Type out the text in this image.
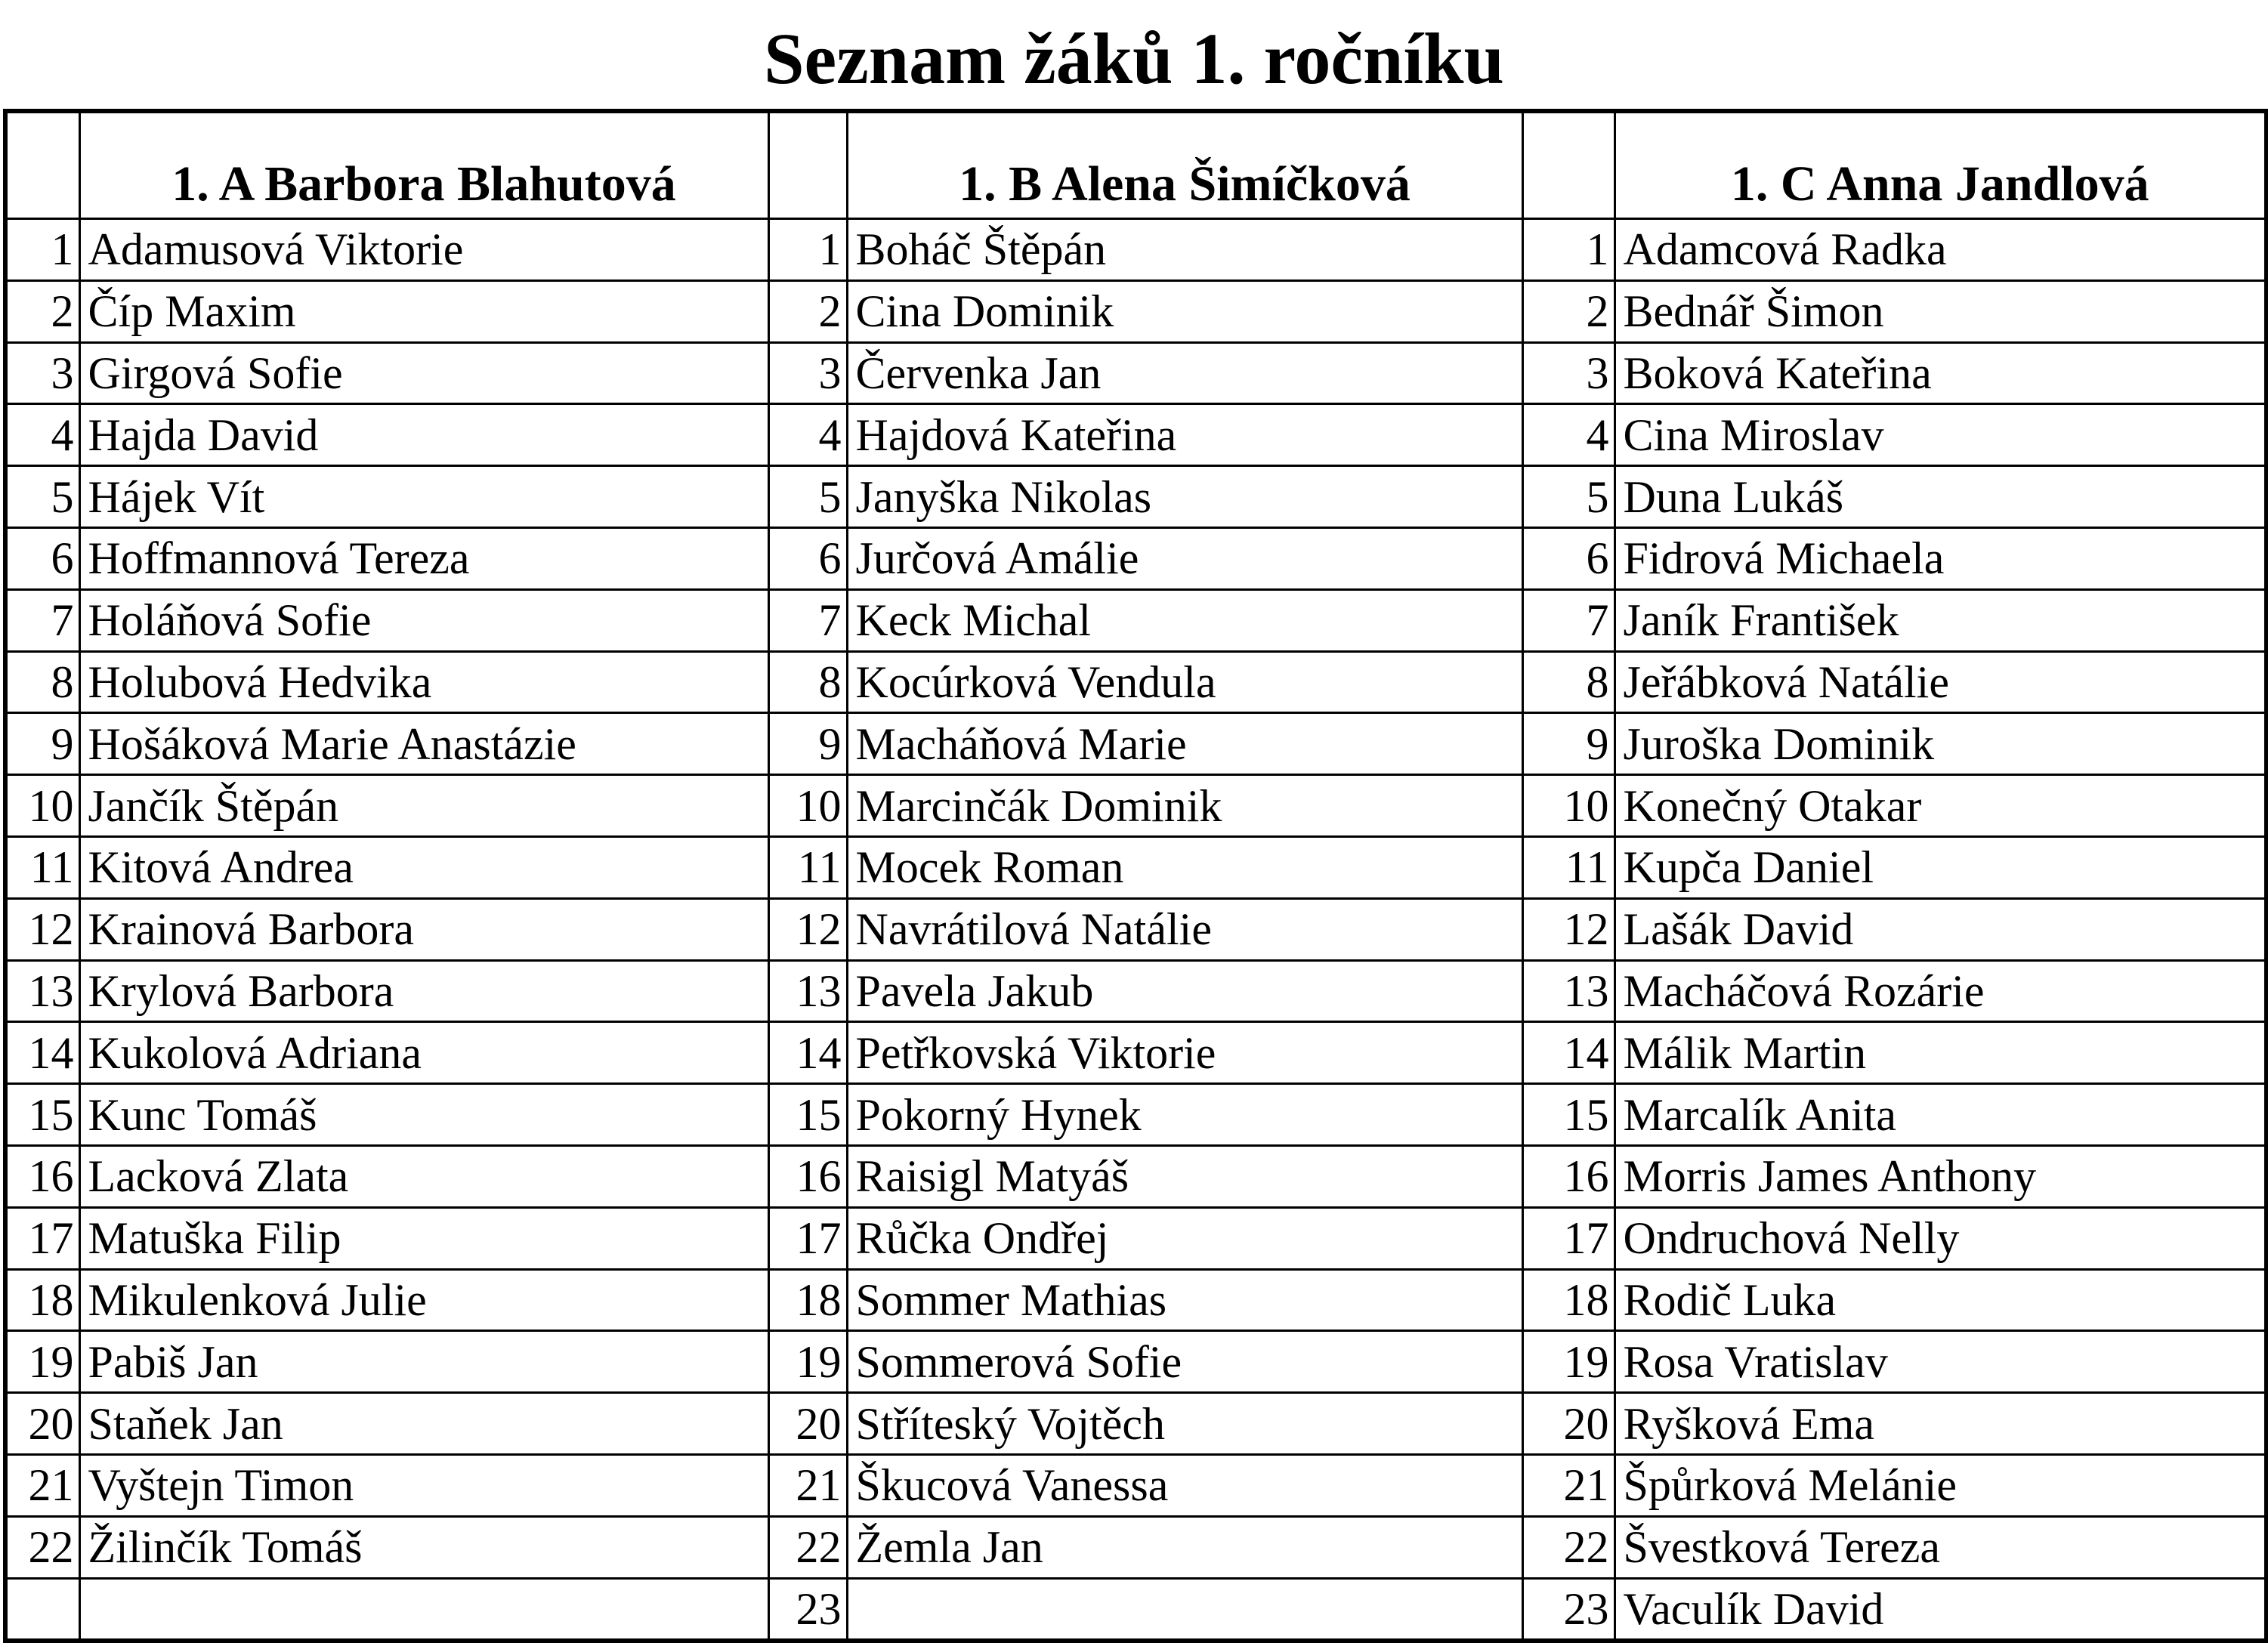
Seznam žáků 1. ročníku
	1. A Barbora Blahutová		1. B Alena Šimíčková		1. C Anna Jandlová
1	Adamusová Viktorie	1	Boháč Štěpán	1	Adamcová Radka
2	Číp Maxim	2	Cina Dominik	2	Bednář Šimon
3	Girgová Sofie	3	Červenka Jan	3	Boková Kateřina
4	Hajda David	4	Hajdová Kateřina	4	Cina Miroslav
5	Hájek Vít	5	Janyška Nikolas	5	Duna Lukáš
6	Hoffmannová Tereza	6	Jurčová Amálie	6	Fidrová Michaela
7	Holáňová Sofie	7	Keck Michal	7	Janík František
8	Holubová Hedvika	8	Kocúrková Vendula	8	Jeřábková Natálie
9	Hošáková Marie Anastázie	9	Macháňová Marie	9	Juroška Dominik
10	Jančík Štěpán	10	Marcinčák Dominik	10	Konečný Otakar
11	Kitová Andrea	11	Mocek Roman	11	Kupča Daniel
12	Krainová Barbora	12	Navrátilová Natálie	12	Lašák David
13	Krylová Barbora	13	Pavela Jakub	13	Macháčová Rozárie
14	Kukolová Adriana	14	Petřkovská Viktorie	14	Málik Martin
15	Kunc Tomáš	15	Pokorný Hynek	15	Marcalík Anita
16	Lacková Zlata	16	Raisigl Matyáš	16	Morris James Anthony
17	Matuška Filip	17	Růčka Ondřej	17	Ondruchová Nelly
18	Mikulenková Julie	18	Sommer Mathias	18	Rodič Luka
19	Pabiš Jan	19	Sommerová Sofie	19	Rosa Vratislav
20	Staňek Jan	20	Stříteský Vojtěch	20	Ryšková Ema
21	Vyštejn Timon	21	Škucová Vanessa	21	Špůrková Melánie
22	Žilinčík Tomáš	22	Žemla Jan	22	Švestková Tereza
		23		23	Vaculík David
